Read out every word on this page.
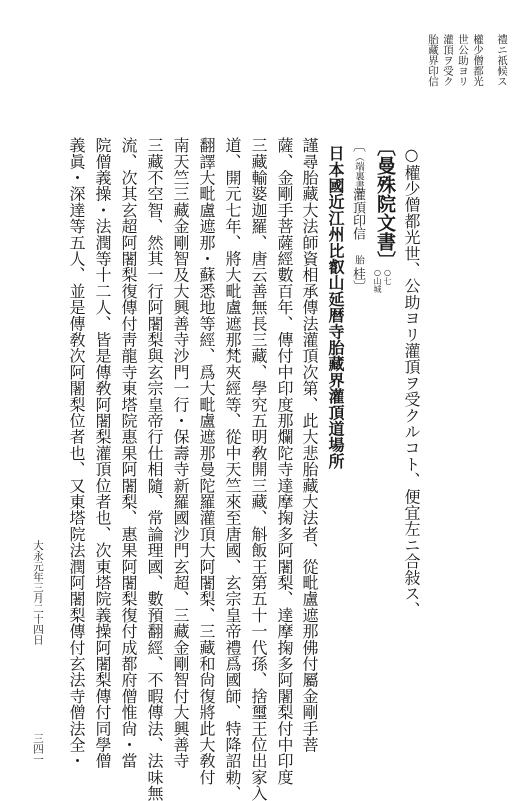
禮ニ祇候ス
權少僧都光
世公助ヨリ
灌頂ヲ受ク
胎藏界印信
○權少僧都光世、公助ヨリ灌頂ヲ受クルコト、便宜左ニ合敍ス、
〔曼殊院文書〕
○七
○山城
〔
（端裏書）
灌頂印信
胎
桂〕
日本國近江州比叡山延暦寺胎藏界灌頂道場所
謹尋胎藏大法師資相承傳法灌頂次第、此大悲胎藏大法者、從毗盧遮那佛付屬金剛手菩
薩、金剛手菩薩經數百年、傳付中印度那爛陀寺達摩掬多阿闍梨、達摩掬多阿闍梨付中印度
三藏輸婆迦羅、唐云善無長三藏、學究五明敎開三藏、斛飯王第五十一代孫、捨璽王位出家入
道、開元七年、將大毗盧遮那梵夾經等、從中天竺來至唐國、玄宗皇帝禮爲國師、特降詔勅、
翻譯大毗盧遮那・蘇悉地等經、爲大毗盧遮那曼陀羅灌頂大阿闍梨、三藏和尙復將此大敎付
南天竺三藏金剛智及大興善寺沙門一行・保壽寺新羅國沙門玄超、三藏金剛智付大興善寺
三藏不空智、然其一行阿闍梨與玄宗皇帝行仕相隨、常論理國、數預翻經、不暇傳法、法味無
流、次其玄超阿闍梨復傳付靑龍寺東塔院惠果阿闍梨、惠果阿闍梨復付成都府僧惟尙・當
院僧義操・法潤等十二人、皆是傳敎阿闍梨灌頂位者也、次東塔院義操阿闍梨傳付同學僧
義眞・深達等五人、並是傳敎次阿闍梨位者也、又東塔院法潤阿闍梨傳付玄法寺僧法全・
大永元年三月二十四日
三四一
